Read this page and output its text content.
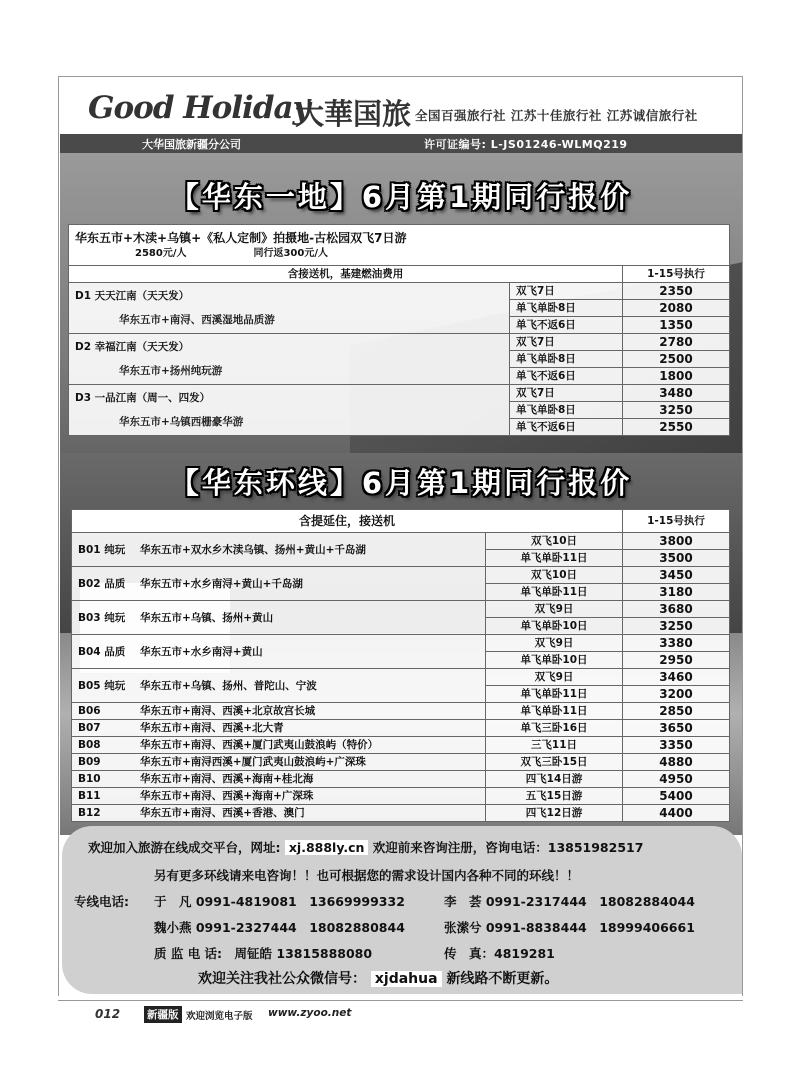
Good Holiday
大華国旅 全国百强旅行社 江苏十佳旅行社 江苏诚信旅行社
大华国旅新疆分公司	许可证编号: L-JS01246-WLMQ219
【华东一地】6月第1期同行报价
华东五市+木渎+乌镇+《私人定制》拍摄地-古松园双飞7日游
2580元/人 同行返300元/人		

含接送机，基建燃油费用		1-15号执行

D1 天天江南（天天发）
华东五市+南浔、西溪湿地品质游	双飞7日	2350
	单飞单卧8日	2080
	单飞不返6日	1350

D2 幸福江南（天天发）
华东五市+扬州纯玩游	双飞7日	2780
	单飞单卧8日	2500
	单飞不返6日	1800

D3 一品江南（周一、四发）
华东五市+乌镇西栅豪华游	双飞7日	3480
	单飞单卧8日	3250
	单飞不返6日	2550
【华东环线】6月第1期同行报价
含提延住，接送机		1-15号执行
B01 纯玩 华东五市+双水乡木渎乌镇、扬州+黄山+千岛湖	双飞10日	3800
	单飞单卧11日	3500
B02 品质 华东五市+水乡南浔+黄山+千岛湖	双飞10日	3450
	单飞单卧11日	3180
B03 纯玩 华东五市+乌镇、扬州+黄山	双飞9日	3680
	单飞单卧10日	3250
B04 品质 华东五市+水乡南浔+黄山	双飞9日	3380
	单飞单卧10日	2950
B05 纯玩 华东五市+乌镇、扬州、普陀山、宁波	双飞9日	3460
	单飞单卧11日	3200
B06 华东五市+南浔、西溪+北京故宫长城	单飞单卧11日	2850
B07 华东五市+南浔、西溪+北大青	单飞三卧16日	3650
B08 华东五市+南浔、西溪+厦门武夷山鼓浪屿（特价）	三飞11日	3350
B09 华东五市+南浔西溪+厦门武夷山鼓浪屿+广深珠	双飞三卧15日	4880
B10 华东五市+南浔、西溪+海南+桂北海	四飞14日游	4950
B11 华东五市+南浔、西溪+海南+广深珠	五飞15日游	5400
B12 华东五市+南浔、西溪+香港、澳门	四飞12日游	4400
欢迎加入旅游在线成交平台，网址: xj.888ly.cn 欢迎前来咨询注册，咨询电话：13851982517
另有更多环线请来电咨询！！也可根据您的需求设计国内各种不同的环线！！
专线电话: 于　凡 0991-4819081　13669999332	李　荟 0991-2317444　18082884044
魏小燕 0991-2327444　18082880844	张潆兮 0991-8838444　18999406661
质 监 电 话:　周钲皓 13815888080	传　真：4819281
欢迎关注我社公众微信号： xjdahua 新线路不断更新。
012	新疆版 欢迎浏览电子版 www.zyoo.net
